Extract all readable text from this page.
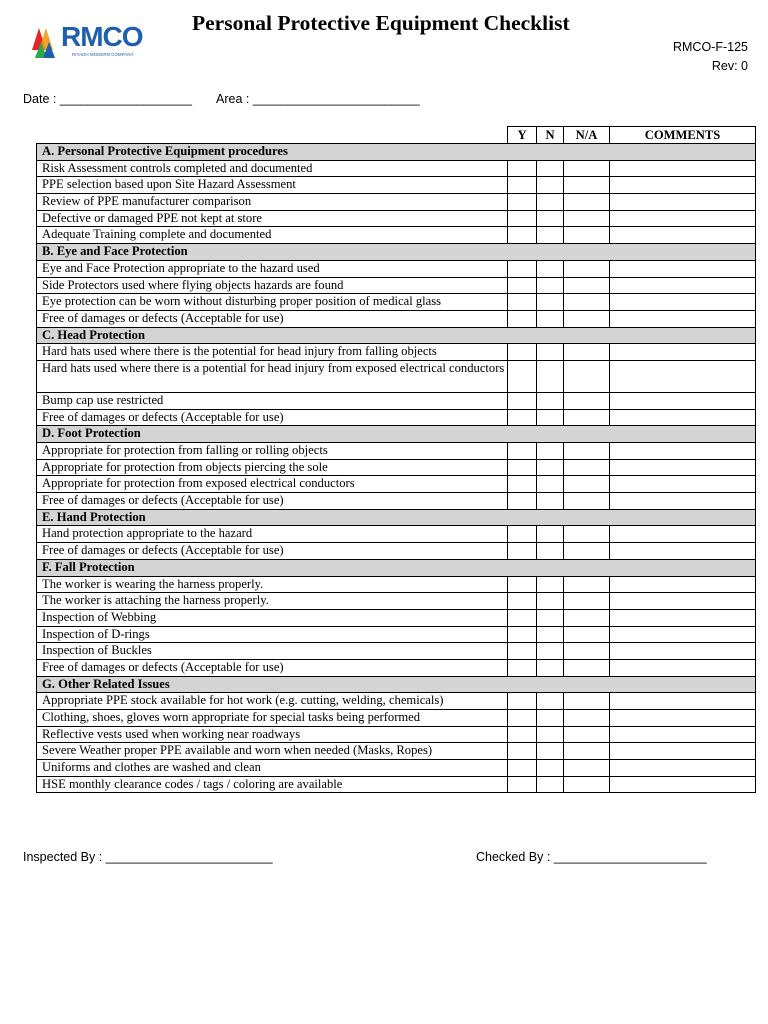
RMCO
RIYADH MODERN COMPANY
Personal Protective Equipment Checklist
RMCO-F-125
Rev: 0
Date : ___________________ Area : ________________________
	Y	N	N/A	COMMENTS
A. Personal Protective Equipment procedures				
Risk Assessment controls completed and documented				
PPE selection based upon Site Hazard Assessment				
Review of PPE manufacturer comparison				
Defective or damaged PPE not kept at store				
Adequate Training complete and documented				
B. Eye and Face Protection				
Eye and Face Protection appropriate to the hazard used				
Side Protectors used where flying objects hazards are found				
Eye protection can be worn without disturbing proper position of medical glass				
Free of damages or defects (Acceptable for use)				
C. Head Protection				
Hard hats used where there is the potential for head injury from falling objects				
Hard hats used where there is a potential for head injury from exposed electrical conductors				
Bump cap use restricted				
Free of damages or defects (Acceptable for use)				
D. Foot Protection				
Appropriate for protection from falling or rolling objects				
Appropriate for protection from objects piercing the sole				
Appropriate for protection from exposed electrical conductors				
Free of damages or defects (Acceptable for use)				
E. Hand Protection				
Hand protection appropriate to the hazard				
Free of damages or defects (Acceptable for use)				
F. Fall Protection				
The worker is wearing the harness properly.				
The worker is attaching the harness properly.				
Inspection of Webbing				
Inspection of D-rings				
Inspection of Buckles				
Free of damages or defects (Acceptable for use)				
G. Other Related Issues				
Appropriate PPE stock available for hot work (e.g. cutting, welding, chemicals)				
Clothing, shoes, gloves worn appropriate for special tasks being performed				
Reflective vests used when working near roadways				
Severe Weather proper PPE available and worn when needed (Masks, Ropes)				
Uniforms and clothes are washed and clean				
HSE monthly clearance codes / tags / coloring are available				
Inspected By : ________________________	Checked By : ______________________
